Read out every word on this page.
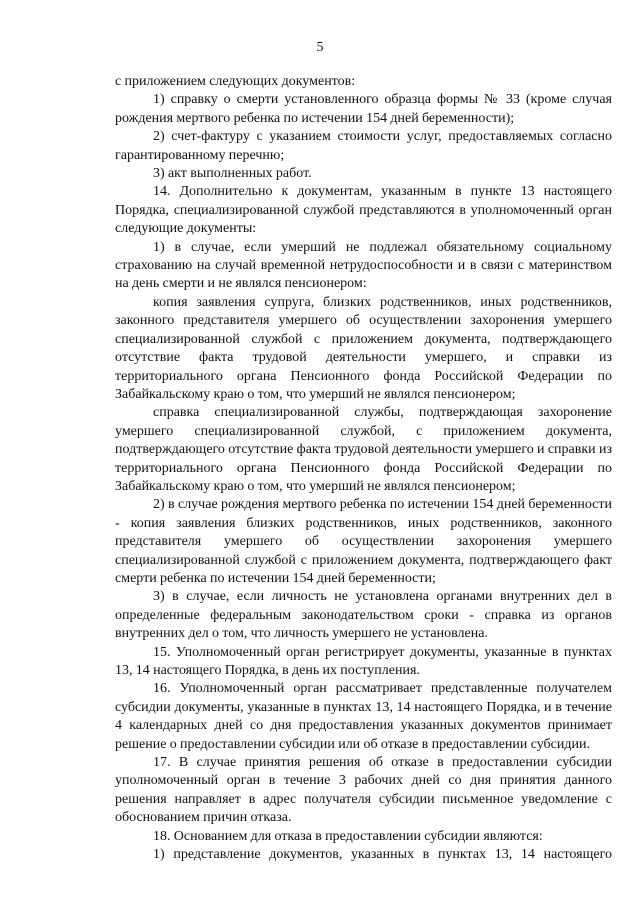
5

с приложением следующих документов:

1) справку о смерти установленного образца формы № 33 (кроме случая рождения мертвого ребенка по истечении 154 дней беременности);

2) счет-фактуру с указанием стоимости услуг, предоставляемых согласно гарантированному перечню;

3) акт выполненных работ.

14. Дополнительно к документам, указанным в пункте 13 настоящего Порядка, специализированной службой представляются в уполномоченный орган следующие документы:

1) в случае, если умерший не подлежал обязательному социальному страхованию на случай временной нетрудоспособности и в связи с материнством на день смерти и не являлся пенсионером:

копия заявления супруга, близких родственников, иных родственников, законного представителя умершего об осуществлении захоронения умершего специализированной службой с приложением документа, подтверждающего отсутствие факта трудовой деятельности умершего, и справки из территориального органа Пенсионного фонда Российской Федерации по Забайкальскому краю о том, что умерший не являлся пенсионером;

справка специализированной службы, подтверждающая захоронение умершего специализированной службой, с приложением документа, подтверждающего отсутствие факта трудовой деятельности умершего и справки из территориального органа Пенсионного фонда Российской Федерации по Забайкальскому краю о том, что умерший не являлся пенсионером;

2) в случае рождения мертвого ребенка по истечении 154 дней беременности - копия заявления близких родственников, иных родственников, законного представителя умершего об осуществлении захоронения умершего специализированной службой с приложением документа, подтверждающего факт смерти ребенка по истечении 154 дней беременности;

3) в случае, если личность не установлена органами внутренних дел в определенные федеральным законодательством сроки - справка из органов внутренних дел о том, что личность умершего не установлена.

15. Уполномоченный орган регистрирует документы, указанные в пунктах 13, 14 настоящего Порядка, в день их поступления.

16. Уполномоченный орган рассматривает представленные получателем субсидии документы, указанные в пунктах 13, 14 настоящего Порядка, и в течение 4 календарных дней со дня предоставления указанных документов принимает решение о предоставлении субсидии или об отказе в предоставлении субсидии.

17. В случае принятия решения об отказе в предоставлении субсидии уполномоченный орган в течение 3 рабочих дней со дня принятия данного решения направляет в адрес получателя субсидии письменное уведомление с обоснованием причин отказа.

18. Основанием для отказа в предоставлении субсидии являются:

1) представление документов, указанных в пунктах 13, 14 настоящего
